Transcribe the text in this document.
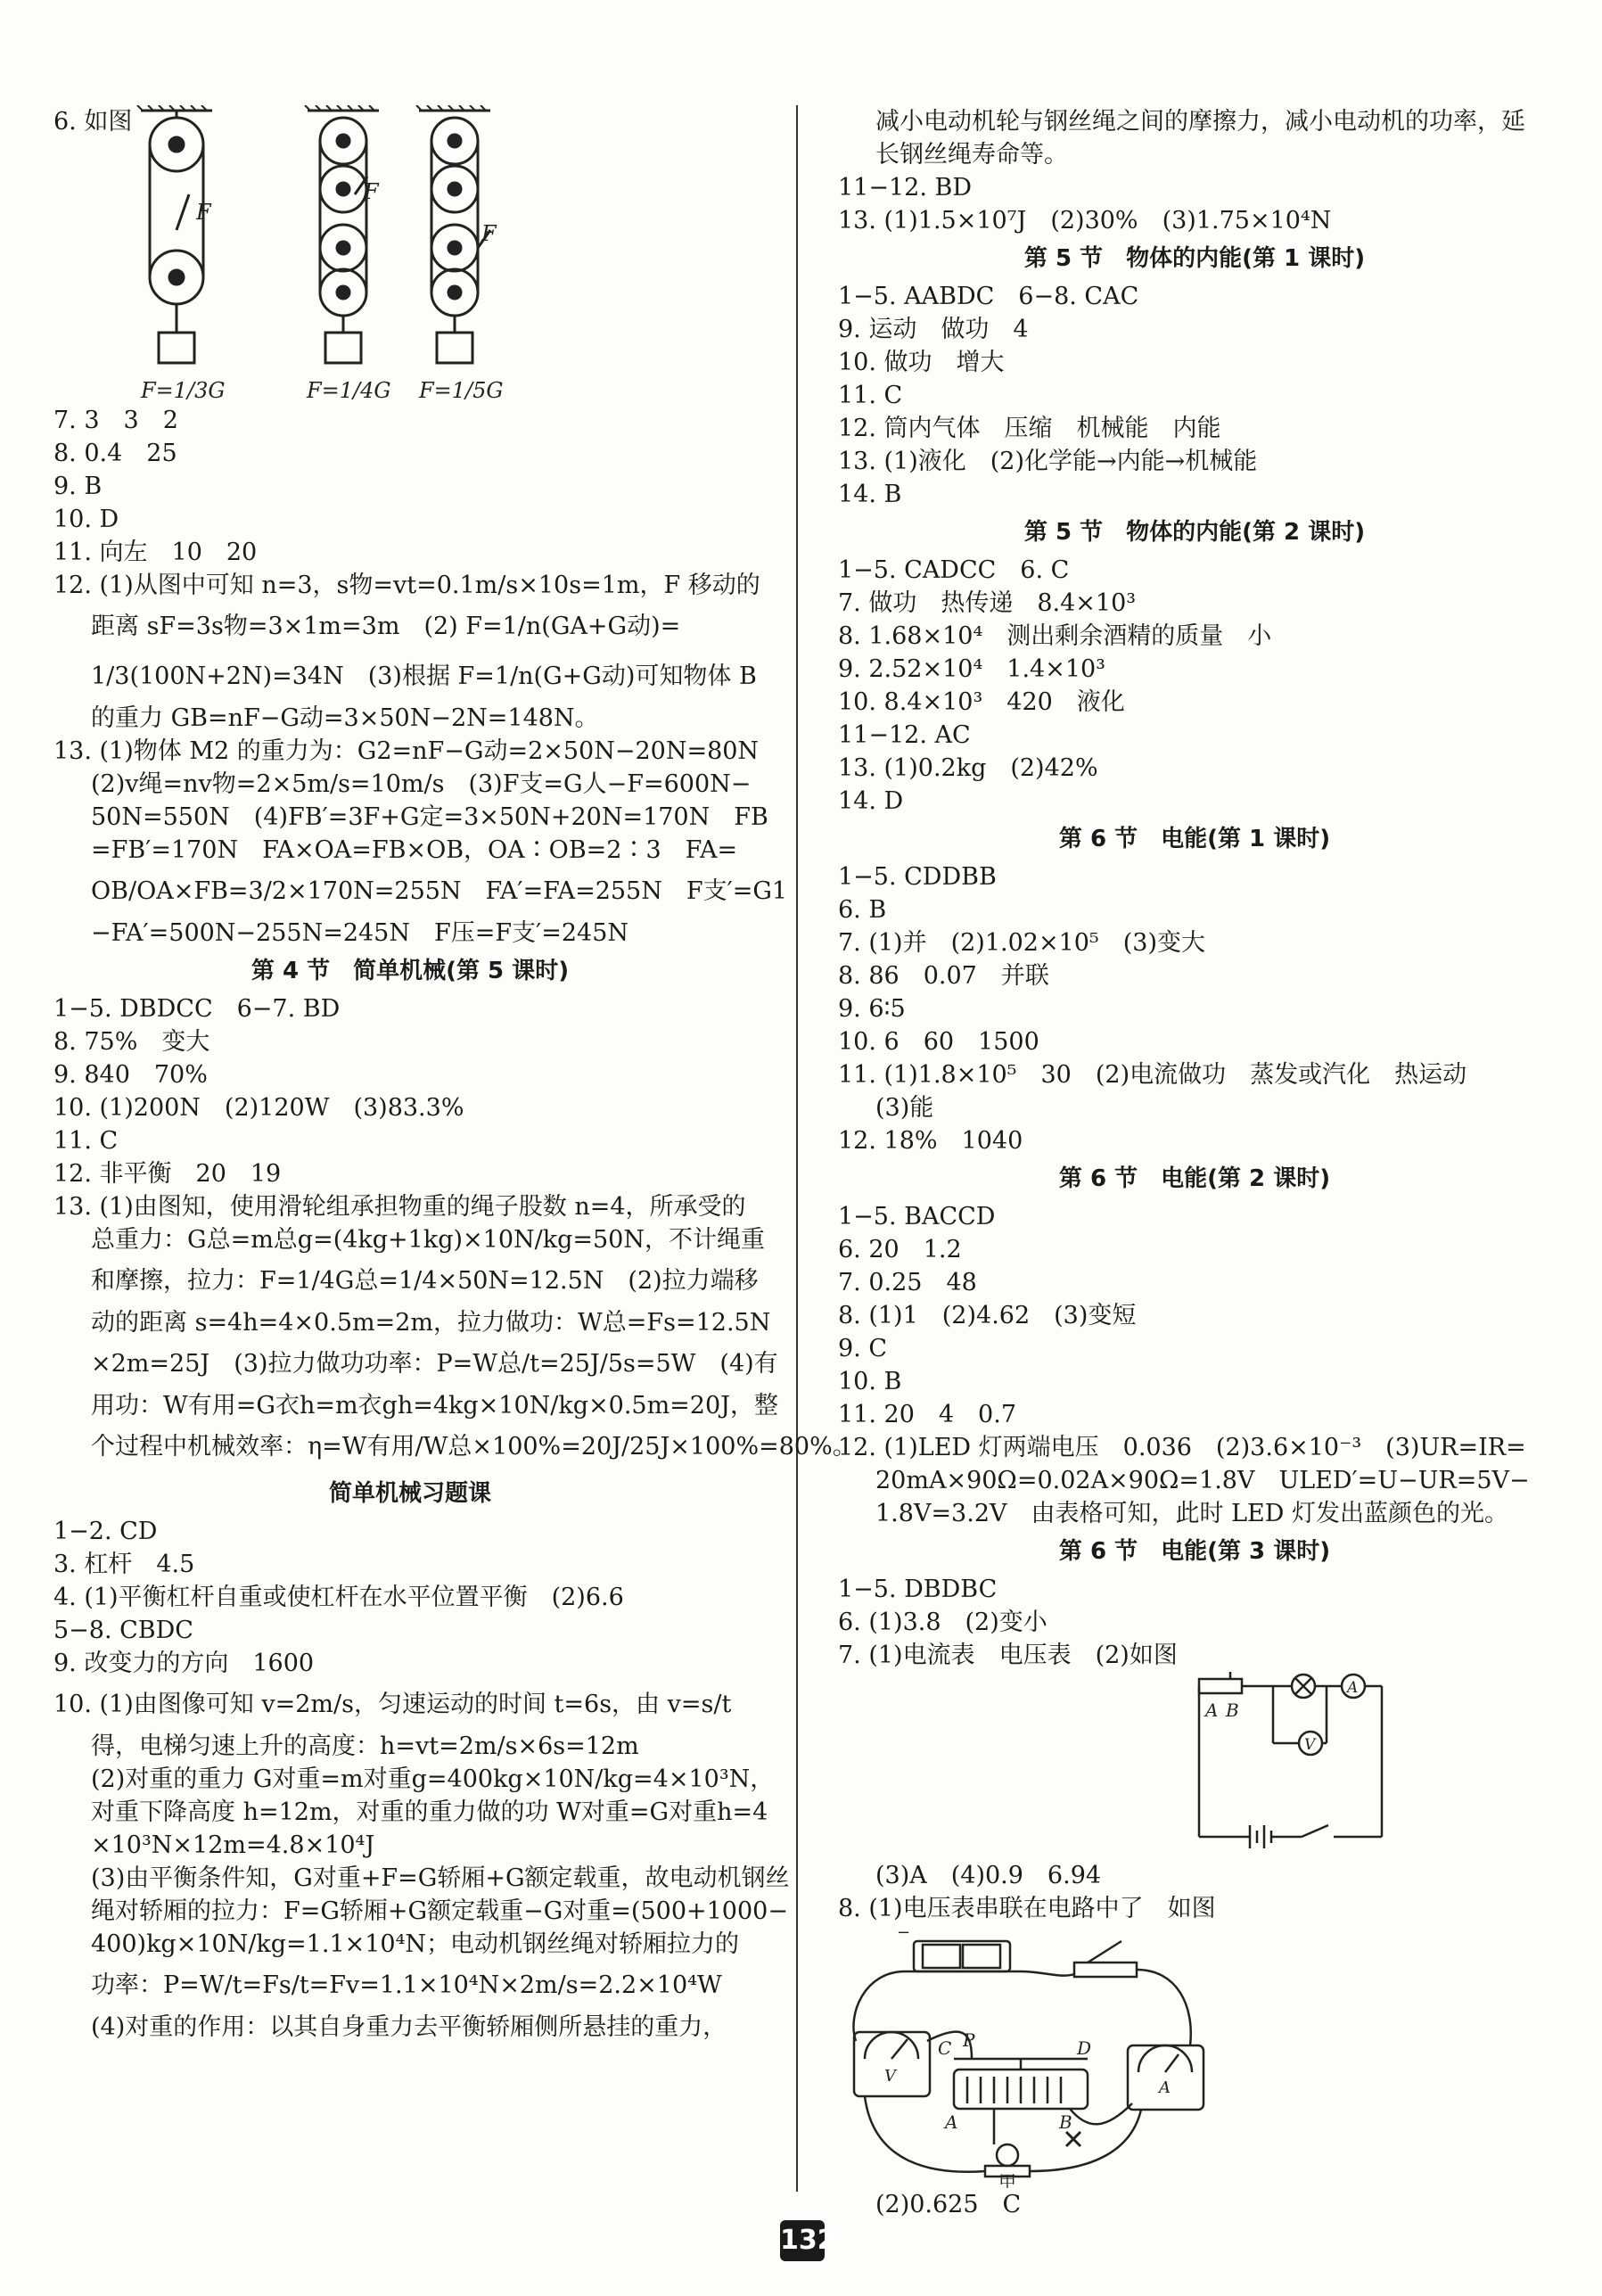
6. 如图
F
F
F
F=1/3G	F=1/4G F=1/5G
7. 3　3　2
8. 0.4　25
9. B
10. D
11. 向左　10　20
12. (1)从图中可知 n=3，s物=vt=0.1m/s×10s=1m，F 移动的
距离 sF=3s物=3×1m=3m　(2) F=1/n(GA+G动)=
1/3(100N+2N)=34N　(3)根据 F=1/n(G+G动)可知物体 B
的重力 GB=nF−G动=3×50N−2N=148N。
13. (1)物体 M2 的重力为：G2=nF−G动=2×50N−20N=80N
(2)v绳=nv物=2×5m/s=10m/s　(3)F支=G人−F=600N−
50N=550N　(4)FB′=3F+G定=3×50N+20N=170N　FB
=FB′=170N　FA×OA=FB×OB，OA∶OB=2∶3　FA=
OB/OA×FB=3/2×170N=255N　FA′=FA=255N　F支′=G1
−FA′=500N−255N=245N　F压=F支′=245N
第 4 节　简单机械(第 5 课时)
1−5. DBDCC　6−7. BD
8. 75%　变大
9. 840　70%
10. (1)200N　(2)120W　(3)83.3%
11. C
12. 非平衡　20　19
13. (1)由图知，使用滑轮组承担物重的绳子股数 n=4，所承受的
总重力：G总=m总g=(4kg+1kg)×10N/kg=50N，不计绳重
和摩擦，拉力：F=1/4G总=1/4×50N=12.5N　(2)拉力端移
动的距离 s=4h=4×0.5m=2m，拉力做功：W总=Fs=12.5N
×2m=25J　(3)拉力做功功率：P=W总/t=25J/5s=5W　(4)有
用功：W有用=G衣h=m衣gh=4kg×10N/kg×0.5m=20J，整
个过程中机械效率：η=W有用/W总×100%=20J/25J×100%=80%。
简单机械习题课
1−2. CD
3. 杠杆　4.5
4. (1)平衡杠杆自重或使杠杆在水平位置平衡　(2)6.6
5−8. CBDC
9. 改变力的方向　1600
10. (1)由图像可知 v=2m/s，匀速运动的时间 t=6s，由 v=s/t
得，电梯匀速上升的高度：h=vt=2m/s×6s=12m
(2)对重的重力 G对重=m对重g=400kg×10N/kg=4×10³N，
对重下降高度 h=12m，对重的重力做的功 W对重=G对重h=4
×10³N×12m=4.8×10⁴J
(3)由平衡条件知，G对重+F=G轿厢+G额定载重，故电动机钢丝
绳对轿厢的拉力：F=G轿厢+G额定载重−G对重=(500+1000−
400)kg×10N/kg=1.1×10⁴N；电动机钢丝绳对轿厢拉力的
功率：P=W/t=Fs/t=Fv=1.1×10⁴N×2m/s=2.2×10⁴W
(4)对重的作用：以其自身重力去平衡轿厢侧所悬挂的重力，
减小电动机轮与钢丝绳之间的摩擦力，减小电动机的功率，延
长钢丝绳寿命等。
11−12. BD
13. (1)1.5×10⁷J　(2)30%　(3)1.75×10⁴N
第 5 节　物体的内能(第 1 课时)
1−5. AABDC　6−8. CAC
9. 运动　做功　4
10. 做功　增大
11. C
12. 筒内气体　压缩　机械能　内能
13. (1)液化　(2)化学能→内能→机械能
14. B
第 5 节　物体的内能(第 2 课时)
1−5. CADCC　6. C
7. 做功　热传递　8.4×10³
8. 1.68×10⁴　测出剩余酒精的质量　小
9. 2.52×10⁴　1.4×10³
10. 8.4×10³　420　液化
11−12. AC
13. (1)0.2kg　(2)42%
14. D
第 6 节　电能(第 1 课时)
1−5. CDDBB
6. B
7. (1)并　(2)1.02×10⁵　(3)变大
8. 86　0.07　并联
9. 6∶5
10. 6　60　1500
11. (1)1.8×10⁵　30　(2)电流做功　蒸发或汽化　热运动
(3)能
12. 18%　1040
第 6 节　电能(第 2 课时)
1−5. BACCD
6. 20　1.2
7. 0.25　48
8. (1)1　(2)4.62　(3)变短
9. C
10. B
11. 20　4　0.7
12. (1)LED 灯两端电压　0.036　(2)3.6×10⁻³　(3)UR=IR=
20mA×90Ω=0.02A×90Ω=1.8V　ULED′=U−UR=5V−
1.8V=3.2V　由表格可知，此时 LED 灯发出蓝颜色的光。
第 6 节　电能(第 3 课时)
1−5. DBDBC
6. (1)3.8　(2)变小
7. (1)电流表　电压表　(2)如图
A B
A
V
(3)A　(4)0.9　6.94
8. (1)电压表串联在电路中了　如图
C P	D
A	B
V
A
−
甲
(2)0.625　C
132
